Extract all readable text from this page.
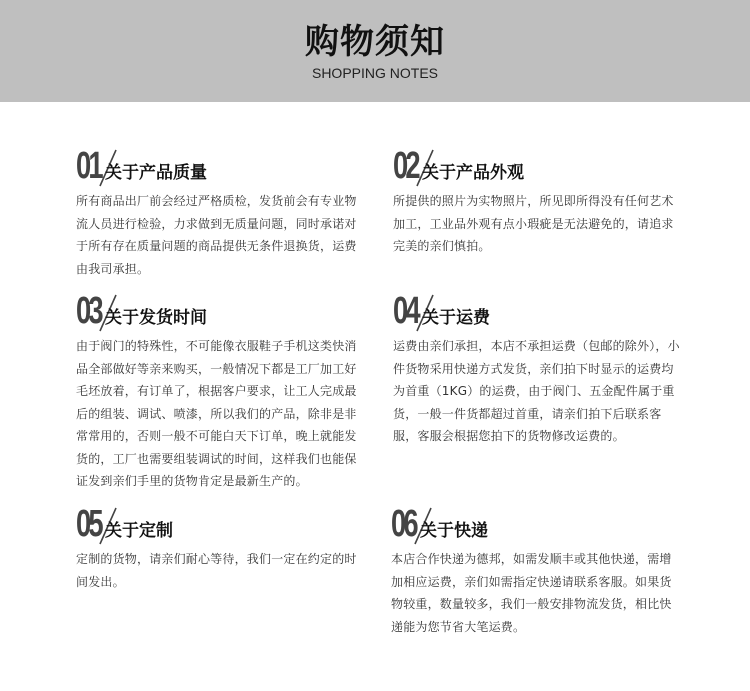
购物须知
SHOPPING NOTES
01 关于产品质量
所有商品出厂前会经过严格质检，发货前会有专业物流人员进行检验，力求做到无质量问题，同时承诺对于所有存在质量问题的商品提供无条件退换货，运费由我司承担。
02 关于产品外观
所提供的照片为实物照片，所见即所得没有任何艺术加工，工业品外观有点小瑕疵是无法避免的，请追求完美的亲们慎拍。
03 关于发货时间
由于阀门的特殊性，不可能像衣服鞋子手机这类快消品全部做好等亲来购买，一般情况下都是工厂加工好毛坯放着，有订单了，根据客户要求，让工人完成最后的组装、调试、喷漆，所以我们的产品，除非是非常常用的，否则一般不可能白天下订单，晚上就能发货的，工厂也需要组装调试的时间，这样我们也能保证发到亲们手里的货物肯定是最新生产的。
04 关于运费
运费由亲们承担，本店不承担运费（包邮的除外），小件货物采用快递方式发货，亲们拍下时显示的运费均为首重（1KG）的运费，由于阀门、五金配件属于重货，一般一件货都超过首重，请亲们拍下后联系客服，客服会根据您拍下的货物修改运费的。
05 关于定制
定制的货物，请亲们耐心等待，我们一定在约定的时间发出。
06 关于快递
本店合作快递为德邦，如需发顺丰或其他快递，需增加相应运费，亲们如需指定快递请联系客服。如果货物较重，数量较多，我们一般安排物流发货，相比快递能为您节省大笔运费。
